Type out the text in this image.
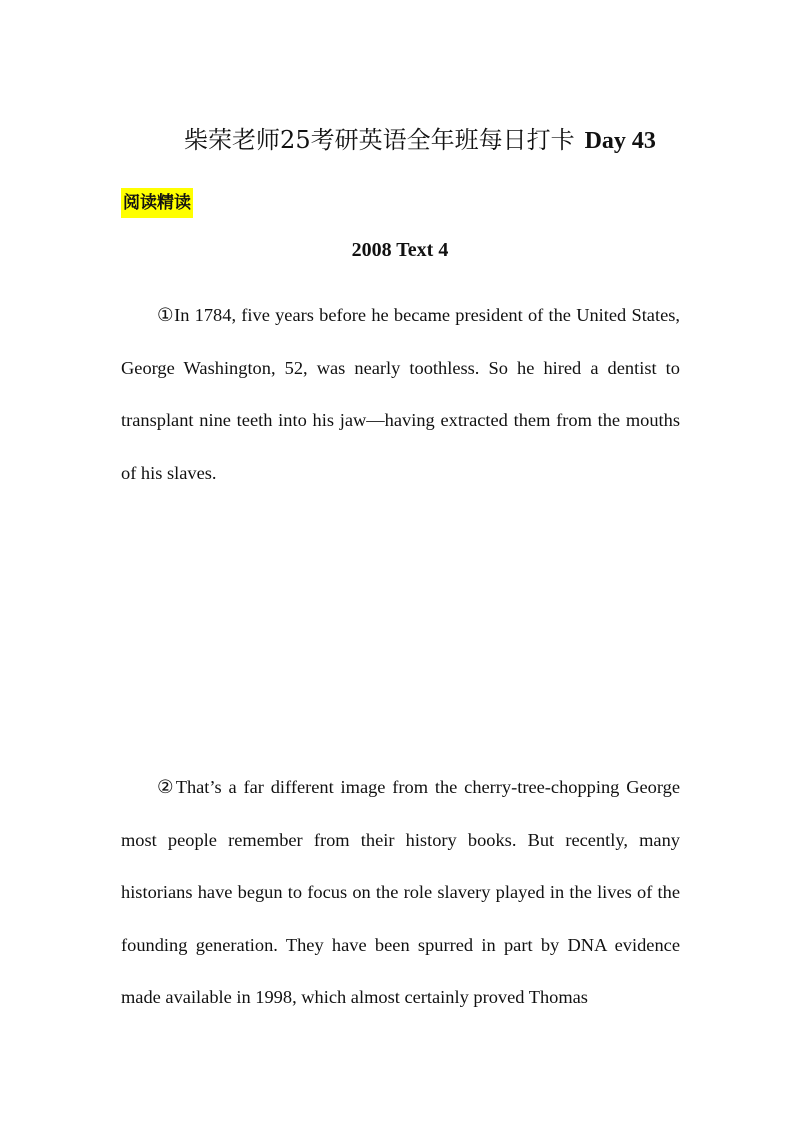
柴荣老师25考研英语全年班每日打卡 Day 43
阅读精读
2008 Text 4

①In 1784, five years before he became president of the United States, George Washington, 52, was nearly toothless. So he hired a dentist to transplant nine teeth into his jaw—having extracted them from the mouths of his slaves.

②That’s a far different image from the cherry-tree-chopping George most people remember from their history books. But recently, many historians have begun to focus on the role slavery played in the lives of the founding generation. They have been spurred in part by DNA evidence made available in 1998, which almost certainly proved Thomas
